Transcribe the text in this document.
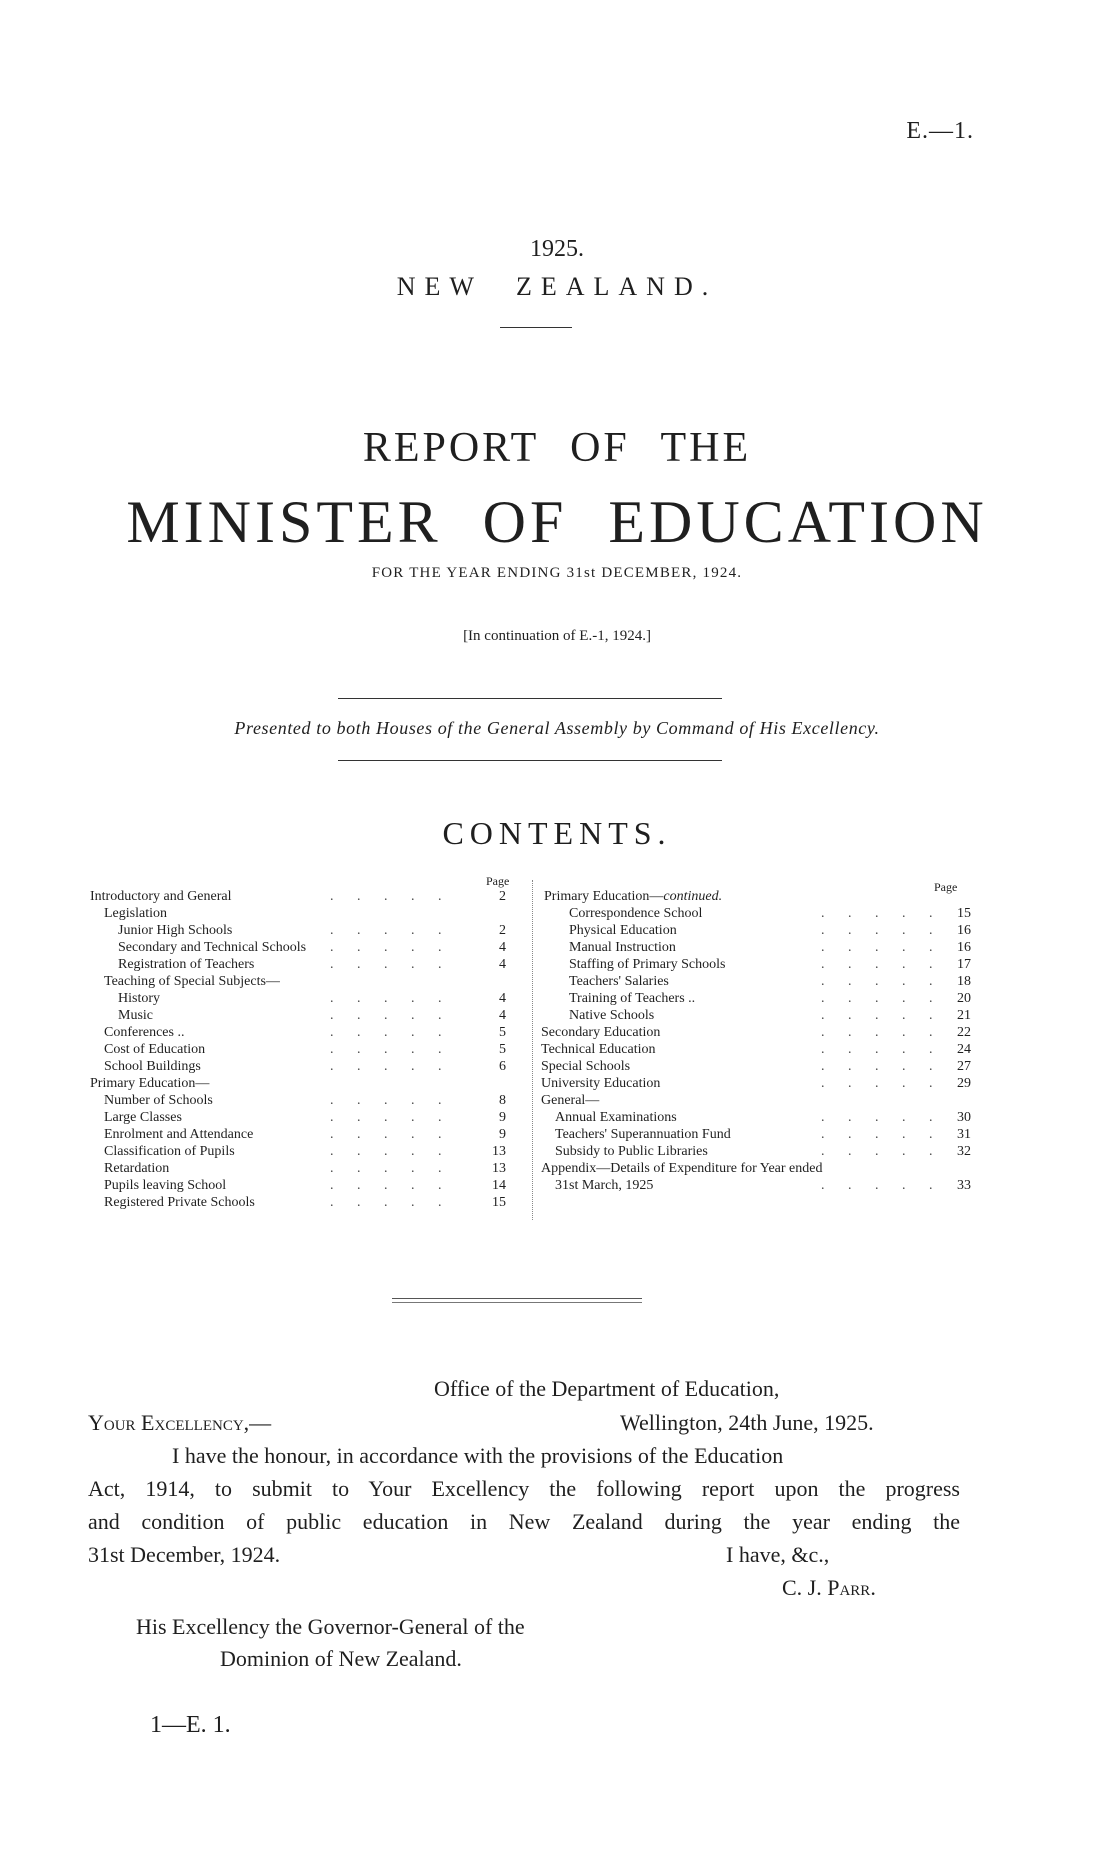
E.—1.
1925.
NEW ZEALAND.
REPORT OF THE
MINISTER OF EDUCATION
FOR THE YEAR ENDING 31st DECEMBER, 1924.
[In continuation of E.-1, 1924.]
Presented to both Houses of the General Assembly by Command of His Excellency.
CONTENTS.
Page	Page
Introductory and General	. . . . .	2
Legislation
Junior High Schools	. . . . .	2
Secondary and Technical Schools . . . . .	4
Registration of Teachers	. . . . .	4
Teaching of Special Subjects—
History	. . . . .	4
Music	. . . . .	4
Conferences ..	. . . . .	5
Cost of Education	. . . . .	5
School Buildings	. . . . .	6
Primary Education—
Number of Schools	. . . . .	8
Large Classes	. . . . .	9
Enrolment and Attendance	. . . . .	9
Classification of Pupils	. . . . .	13
Retardation	. . . . .	13
Pupils leaving School	. . . . .	14
Registered Private Schools	. . . . .	15
Primary Education—continued.
Correspondence School	. . . . . 15
Physical Education	. . . . . 16
Manual Instruction	. . . . . 16
Staffing of Primary Schools	. . . . . 17
Teachers' Salaries	. . . . . 18
Training of Teachers ..	. . . . . 20
Native Schools	. . . . . 21
Secondary Education	. . . . . 22
Technical Education	. . . . . 24
Special Schools	. . . . . 27
University Education	. . . . . 29
General—
Annual Examinations	. . . . . 30
Teachers' Superannuation Fund	. . . . . 31
Subsidy to Public Libraries	. . . . . 32
Appendix—Details of Expenditure for Year ended
31st March, 1925	. . . . . 33
Office of the Department of Education,
Your Excellency,—	Wellington, 24th June, 1925.
I have the honour, in accordance with the provisions of the Education
Act, 1914, to submit to Your Excellency the following report upon the progress
and condition of public education in New Zealand during the year ending the
31st December, 1924.	I have, &c.,
C. J. Parr.
His Excellency the Governor-General of the
Dominion of New Zealand.
1—E. 1.
